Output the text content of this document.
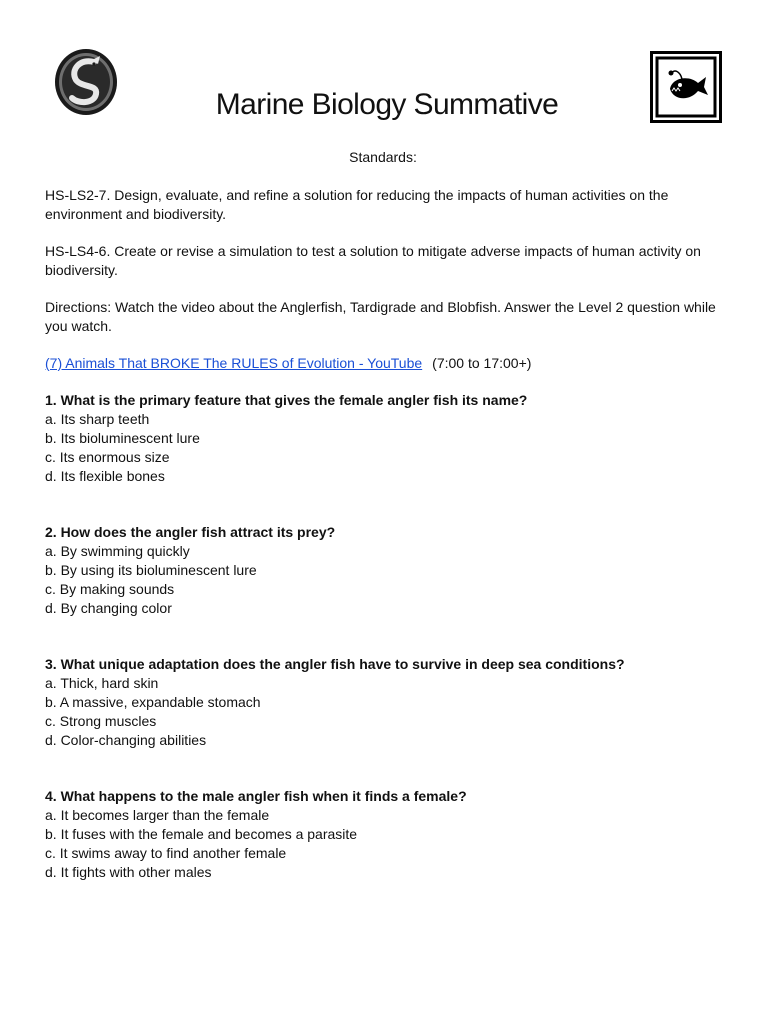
Marine Biology Summative
Standards:

HS-LS2-7. Design, evaluate, and refine a solution for reducing the impacts of human activities on the environment and biodiversity.

HS-LS4-6. Create or revise a simulation to test a solution to mitigate adverse impacts of human activity on biodiversity.

Directions: Watch the video about the Anglerfish, Tardigrade and Blobfish. Answer the Level 2 question while you watch.

(7) Animals That BROKE The RULES of Evolution - YouTube (7:00 to 17:00+)

1. What is the primary feature that gives the female angler fish its name?
a. Its sharp teeth
b. Its bioluminescent lure
c. Its enormous size
d. Its flexible bones
2. How does the angler fish attract its prey?
a. By swimming quickly
b. By using its bioluminescent lure
c. By making sounds
d. By changing color
3. What unique adaptation does the angler fish have to survive in deep sea conditions?
a. Thick, hard skin
b. A massive, expandable stomach
c. Strong muscles
d. Color-changing abilities
4. What happens to the male angler fish when it finds a female?
a. It becomes larger than the female
b. It fuses with the female and becomes a parasite
c. It swims away to find another female
d. It fights with other males
